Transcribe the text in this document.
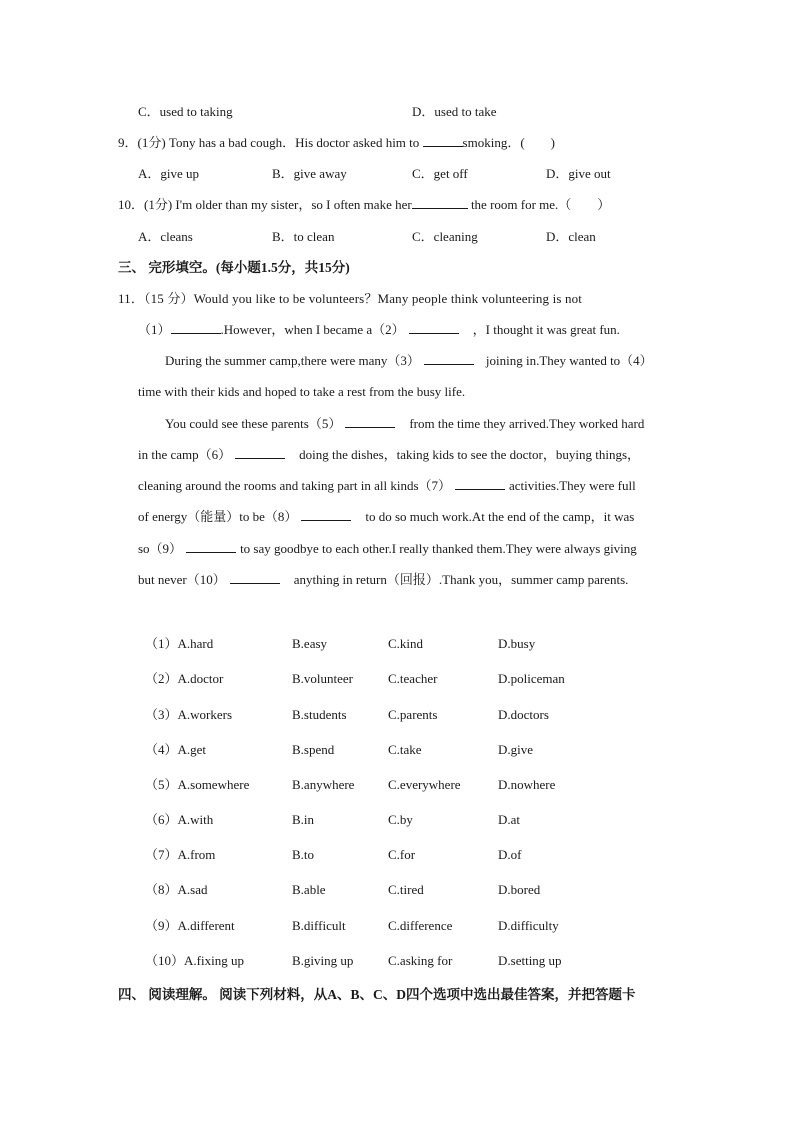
C．used to taking	D．used to take
9．(1分) Tony has a bad cough．His doctor asked him to	smoking．(　　)
A．give up	B．give away	C．get off	D．give out
10．(1分) I'm older than my sister，so I often make her	the room for me.（　　）
A．cleans	B．to clean	C．cleaning	D．clean
三、 完形填空。(每小题1.5分，共15分)
11．（15 分）Would you like to be volunteers？Many people think volunteering is not
（1）	.However，when I became a（2）	，I thought it was great fun.
During the summer camp,there were many（3）	joining in.They wanted to（4）
time with their kids and hoped to take a rest from the busy life.
You could see these parents（5）	from the time they arrived.They worked hard
in the camp（6）	doing the dishes，taking kids to see the doctor，buying things，
cleaning around the rooms and taking part in all kinds（7）	activities.They were full
of energy（能量）to be（8）	to do so much work.At the end of the camp，it was
so（9）	to say goodbye to each other.I really thanked them.They were always giving
but never（10）	anything in return（回报）.Thank you，summer camp parents.
（1）A.hard	B.easy	C.kind	D.busy
（2）A.doctor	B.volunteer	C.teacher	D.policeman
（3）A.workers	B.students	C.parents	D.doctors
（4）A.get	B.spend	C.take	D.give
（5）A.somewhere	B.anywhere	C.everywhere	D.nowhere
（6）A.with	B.in	C.by	D.at
（7）A.from	B.to	C.for	D.of
（8）A.sad	B.able	C.tired	D.bored
（9）A.different	B.difficult	C.difference	D.difficulty
（10）A.fixing up	B.giving up	C.asking for	D.setting up
四、 阅读理解。 阅读下列材料，从A、B、C、D四个选项中选出最佳答案，并把答题卡
